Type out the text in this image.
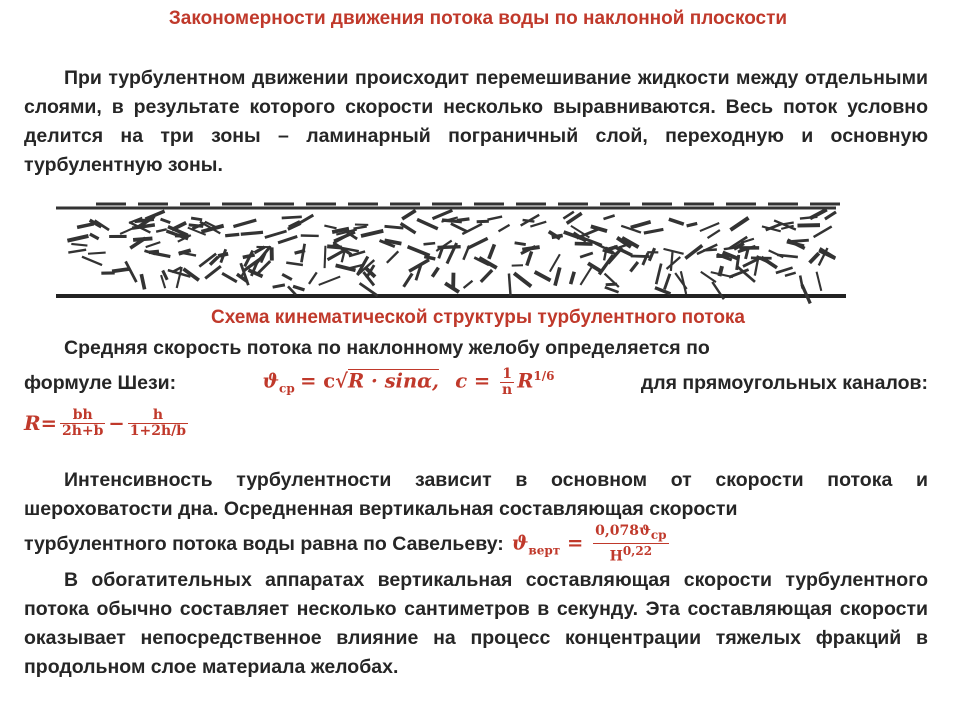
Закономерности движения потока воды по наклонной плоскости
При турбулентном движении происходит перемешивание жидкости между отдельными слоями, в результате которого скорости несколько выравниваются. Весь поток условно делится на три зоны – ламинарный пограничный слой, переходную и основную турбулентную зоны.
Схема кинематической структуры турбулентного потока
Средняя скорость потока по наклонному желобу определяется по
формуле Шези:	$ϑ_{ср} = c√R \cdot \sin\alpha$, $c = \frac{1}{n} R^{1/6}$	для прямоугольных каналов:
$R = \frac{bh}{2h+b} - \frac{h}{1+2h/b}$
Интенсивность турбулентности зависит в основном от скорости потока и шероховатости дна. Осредненная вертикальная составляющая скорости
турбулентного потока воды равна по Савельеву: $ϑ_{верт} = \frac{0,078ϑ_{ср}}{H^{0,22}}$
В обогатительных аппаратах вертикальная составляющая скорости турбулентного потока обычно составляет несколько сантиметров в секунду. Эта составляющая скорости оказывает непосредственное влияние на процесс концентрации тяжелых фракций в продольном слое материала желобах.
